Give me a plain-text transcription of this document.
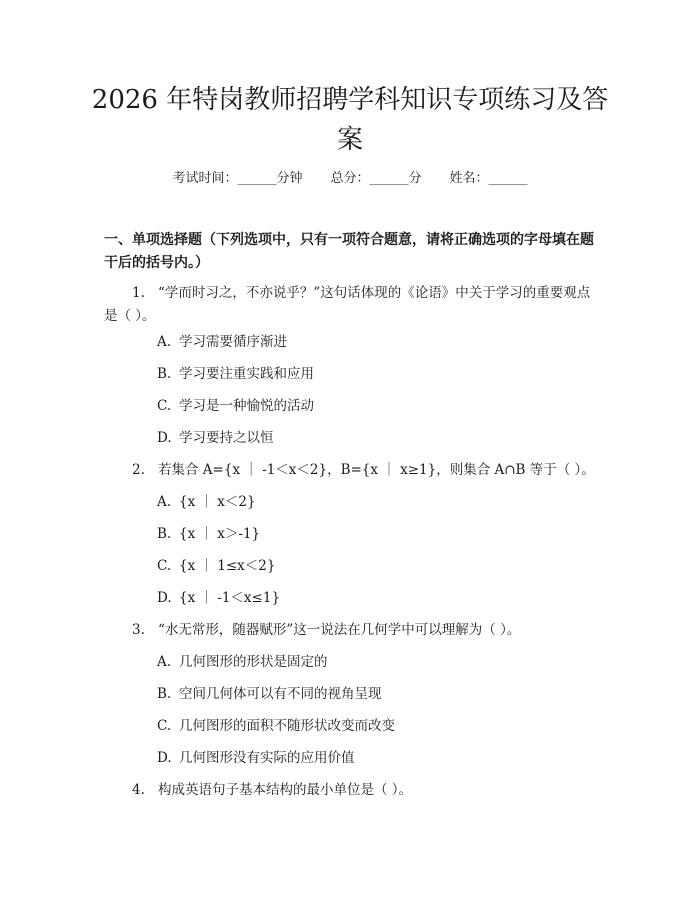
2026 年特岗教师招聘学科知识专项练习及答案
考试时间：______分钟 总分：______分 姓名：______

一、单项选择题（下列选项中，只有一项符合题意，请将正确选项的字母填在题干后的括号内。）

1. “学而时习之，不亦说乎？”这句话体现的《论语》中关于学习的重要观点是（ ）。

A. 学习需要循序渐进
B. 学习要注重实践和应用
C. 学习是一种愉悦的活动
D. 学习要持之以恒
2. 若集合 A={x ｜ -1＜x＜2}，B={x ｜ x≥1}，则集合 A∩B 等于（ ）。
A. {x ｜ x＜2}
B. {x ｜ x＞-1}
C. {x ｜ 1≤x＜2}
D. {x ｜ -1＜x≤1}
3. “水无常形，随器赋形”这一说法在几何学中可以理解为（ ）。
A. 几何图形的形状是固定的
B. 空间几何体可以有不同的视角呈现
C. 几何图形的面积不随形状改变而改变
D. 几何图形没有实际的应用价值
4. 构成英语句子基本结构的最小单位是（ ）。
